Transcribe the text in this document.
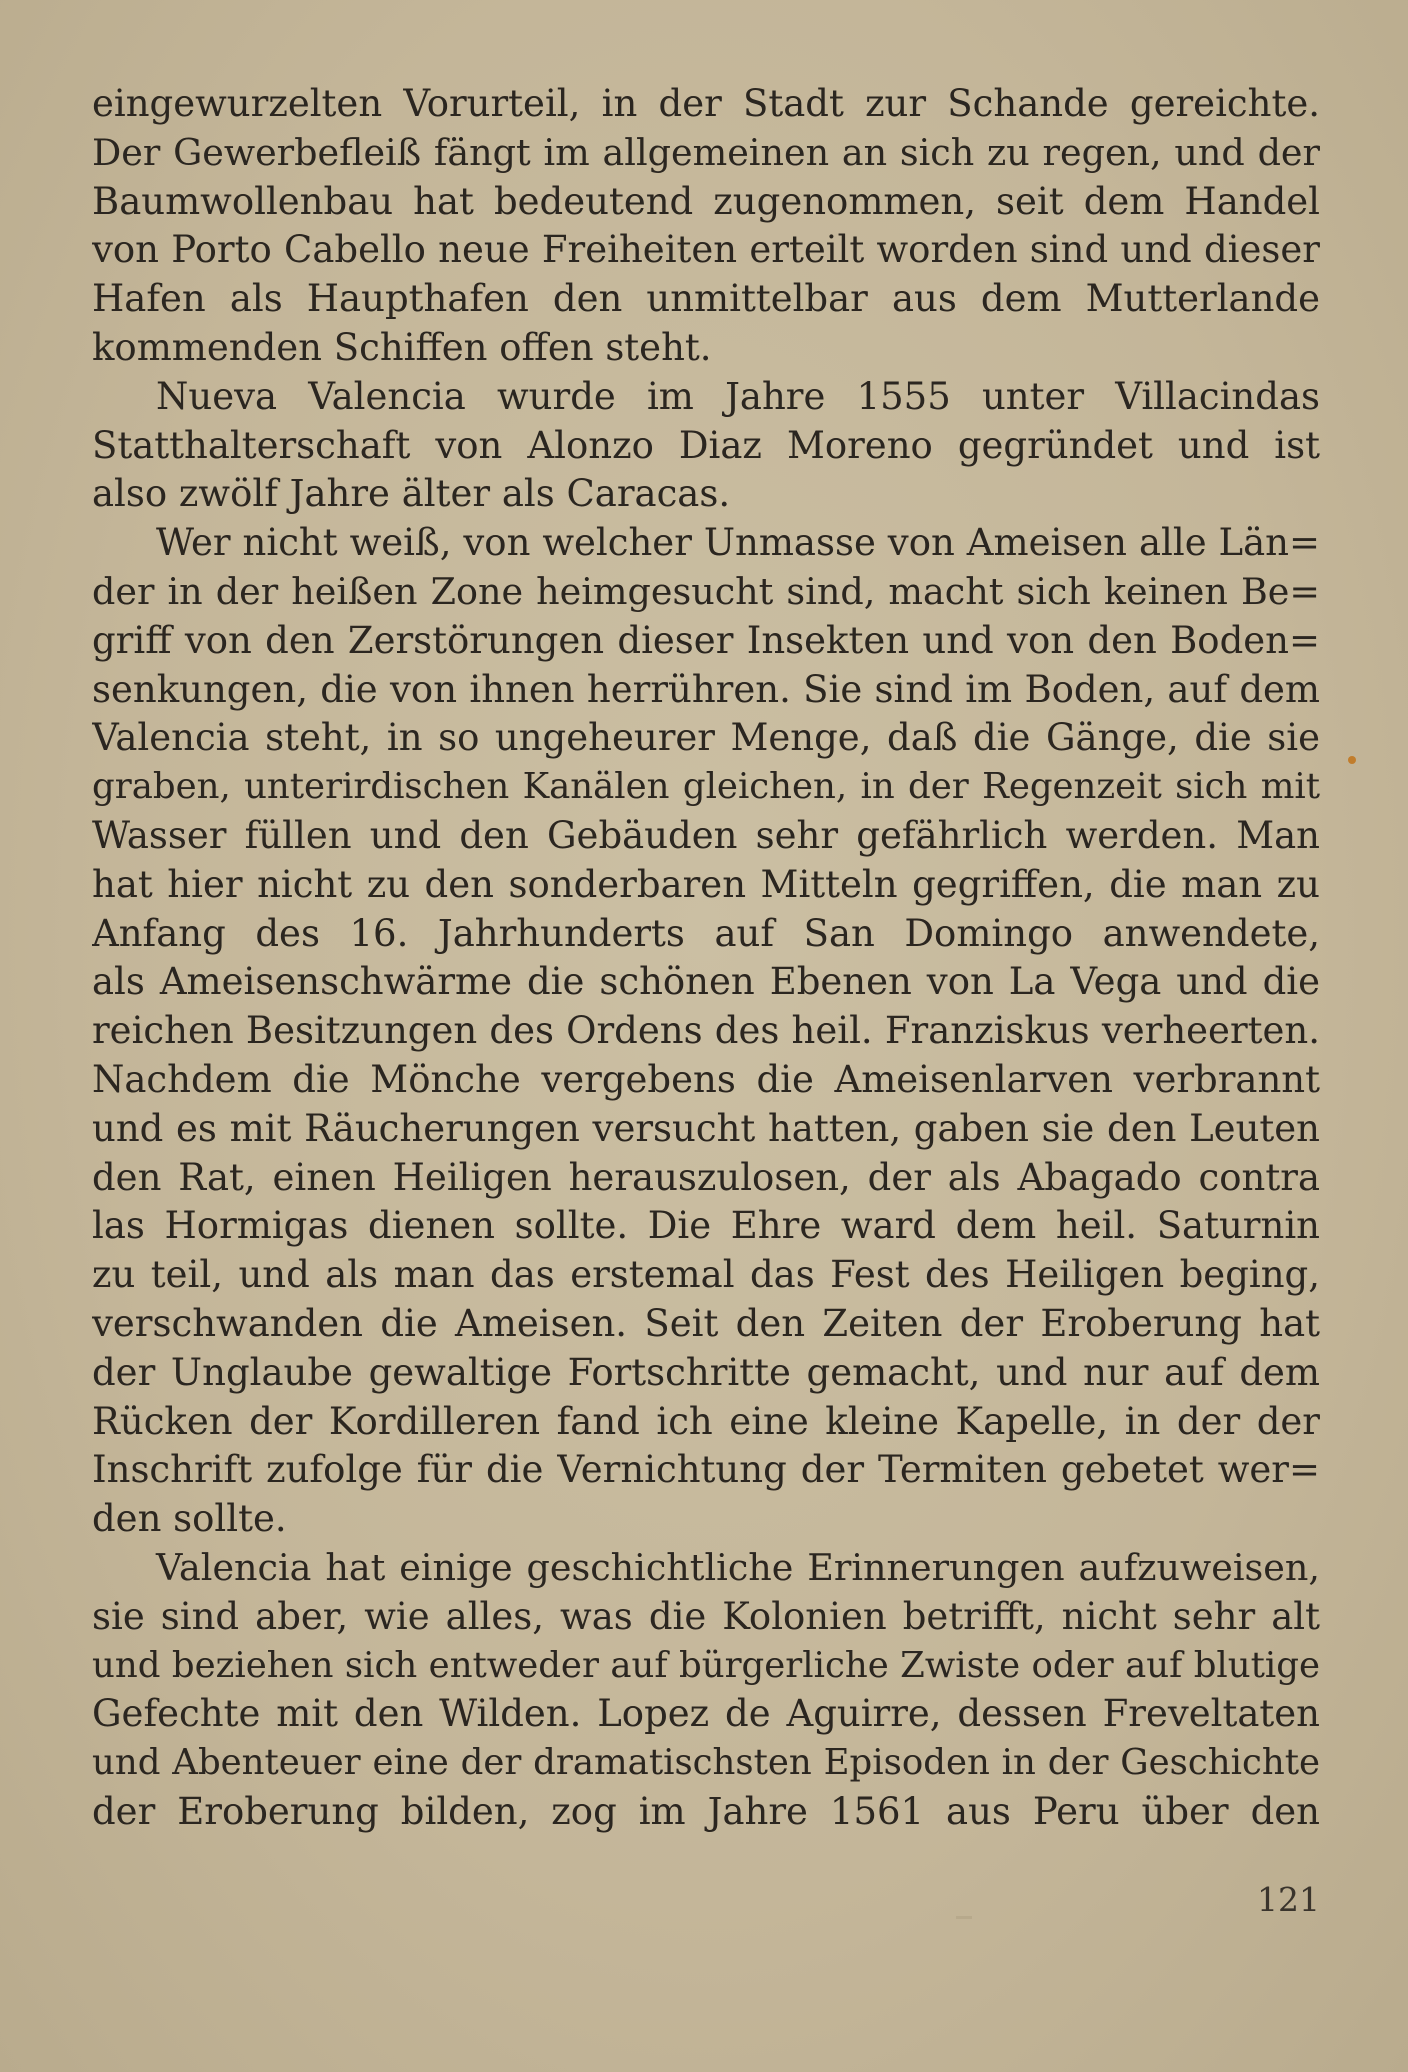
eingewurzelten Vorurteil, in der Stadt zur Schande gereichte.
Der Gewerbefleiß fängt im allgemeinen an sich zu regen, und der
Baumwollenbau hat bedeutend zugenommen, seit dem Handel
von Porto Cabello neue Freiheiten erteilt worden sind und dieser
Hafen als Haupthafen den unmittelbar aus dem Mutterlande
kommenden Schiffen offen steht.
Nueva Valencia wurde im Jahre 1555 unter Villacindas
Statthalterschaft von Alonzo Diaz Moreno gegründet und ist
also zwölf Jahre älter als Caracas.
Wer nicht weiß, von welcher Unmasse von Ameisen alle Län=
der in der heißen Zone heimgesucht sind, macht sich keinen Be=
griff von den Zerstörungen dieser Insekten und von den Boden=
senkungen, die von ihnen herrühren. Sie sind im Boden, auf dem
Valencia steht, in so ungeheurer Menge, daß die Gänge, die sie
graben, unterirdischen Kanälen gleichen, in der Regenzeit sich mit
Wasser füllen und den Gebäuden sehr gefährlich werden. Man
hat hier nicht zu den sonderbaren Mitteln gegriffen, die man zu
Anfang des 16. Jahrhunderts auf San Domingo anwendete,
als Ameisenschwärme die schönen Ebenen von La Vega und die
reichen Besitzungen des Ordens des heil. Franziskus verheerten.
Nachdem die Mönche vergebens die Ameisenlarven verbrannt
und es mit Räucherungen versucht hatten, gaben sie den Leuten
den Rat, einen Heiligen herauszulosen, der als Abagado contra
las Hormigas dienen sollte. Die Ehre ward dem heil. Saturnin
zu teil, und als man das erstemal das Fest des Heiligen beging,
verschwanden die Ameisen. Seit den Zeiten der Eroberung hat
der Unglaube gewaltige Fortschritte gemacht, und nur auf dem
Rücken der Kordilleren fand ich eine kleine Kapelle, in der der
Inschrift zufolge für die Vernichtung der Termiten gebetet wer=
den sollte.
Valencia hat einige geschichtliche Erinnerungen aufzuweisen,
sie sind aber, wie alles, was die Kolonien betrifft, nicht sehr alt
und beziehen sich entweder auf bürgerliche Zwiste oder auf blutige
Gefechte mit den Wilden. Lopez de Aguirre, dessen Freveltaten
und Abenteuer eine der dramatischsten Episoden in der Geschichte
der Eroberung bilden, zog im Jahre 1561 aus Peru über den
121
